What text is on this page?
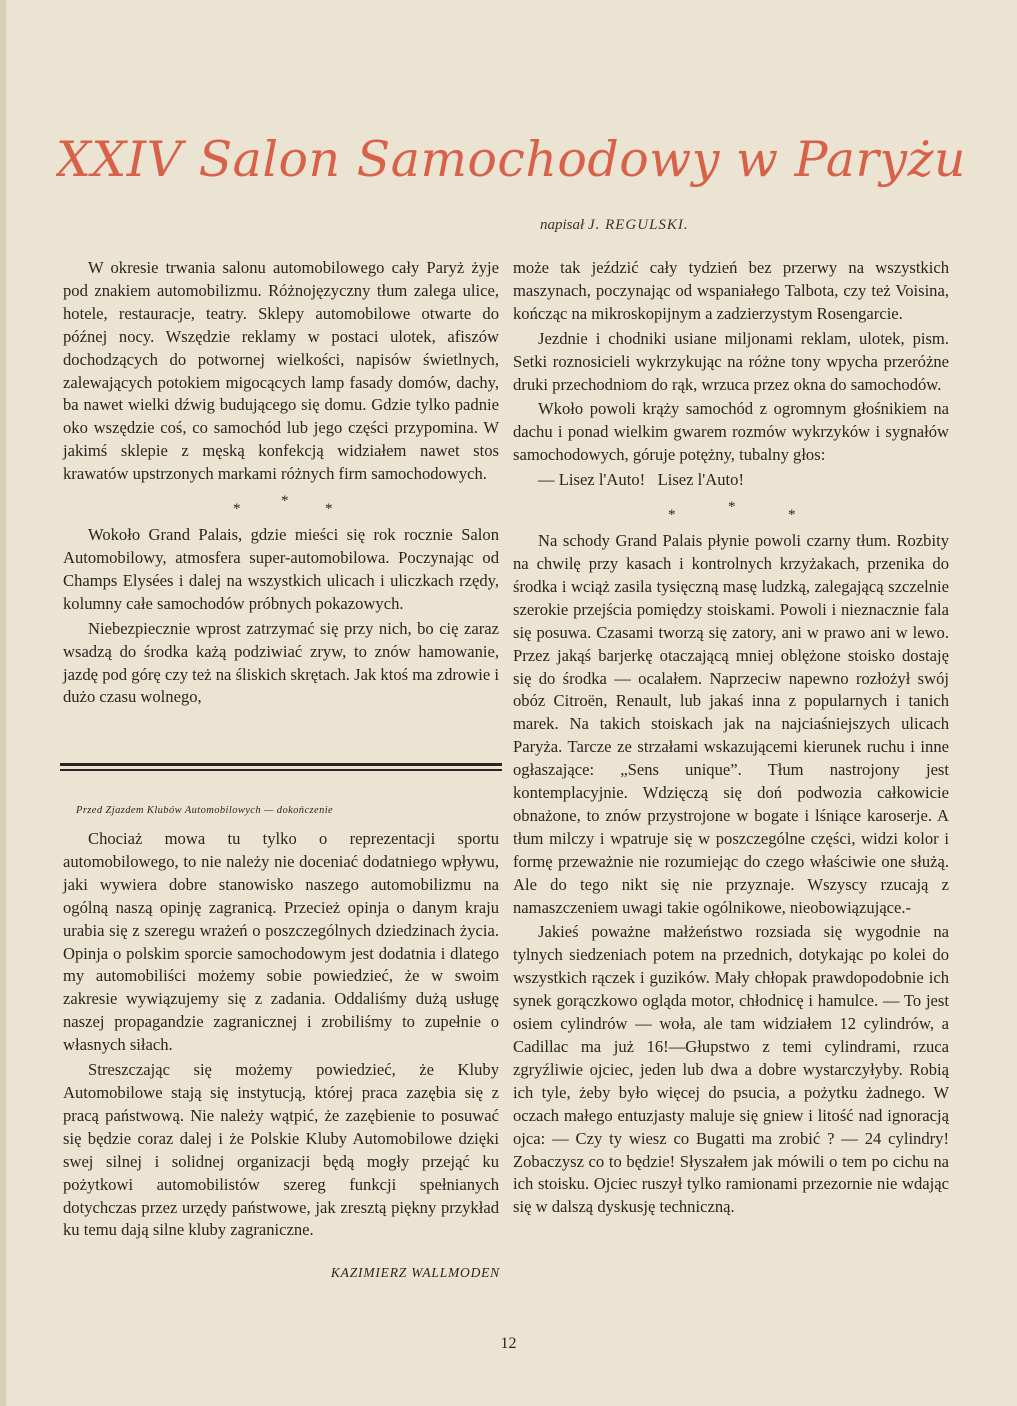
XXIV Salon Samochodowy w Paryżu
napisał J. REGULSKI.

W okresie trwania salonu automobilowego cały Paryż żyje pod znakiem automobilizmu. Różnojęzyczny tłum zalega ulice, hotele, restauracje, teatry. Sklepy automobilowe otwarte do późnej nocy. Wszędzie reklamy w postaci ulotek, afiszów dochodzących do potwornej wielkości, napisów świetlnych, zalewających potokiem migocących lamp fasady domów, dachy, ba nawet wielki dźwig budującego się domu. Gdzie tylko padnie oko wszędzie coś, co samochód lub jego części przypomina. W jakimś sklepie z męską konfekcją widziałem nawet stos krawatów upstrzonych markami różnych firm samochodowych.

*	* *

Wokoło Grand Palais, gdzie mieści się rok rocznie Salon Automobilowy, atmosfera super-automobilowa. Poczynając od Champs Elysées i dalej na wszystkich ulicach i uliczkach rzędy, kolumny całe samochodów próbnych pokazowych.

Niebezpiecznie wprost zatrzymać się przy nich, bo cię zaraz wsadzą do środka każą podziwiać zryw, to znów hamowanie, jazdę pod górę czy też na śliskich skrętach. Jak ktoś ma zdrowie i dużo czasu wolnego,

Przed Zjazdem Klubów Automobilowych — dokończenie

Chociaż mowa tu tylko o reprezentacji sportu automobilowego, to nie należy nie doceniać dodatniego wpływu, jaki wywiera dobre stanowisko naszego automobilizmu na ogólną naszą opinję zagranicą. Przecież opinja o danym kraju urabia się z szeregu wrażeń o poszczególnych dziedzinach życia. Opinja o polskim sporcie samochodowym jest dodatnia i dlatego my automobiliści możemy sobie powiedzieć, że w swoim zakresie wywiązujemy się z zadania. Oddaliśmy dużą usługę naszej propagandzie zagranicznej i zrobiliśmy to zupełnie o własnych siłach.

Streszczając się możemy powiedzieć, że Kluby Automobilowe stają się instytucją, której praca zazębia się z pracą państwową. Nie należy wątpić, że zazębienie to posuwać się będzie coraz dalej i że Polskie Kluby Automobilowe dzięki swej silnej i solidnej organizacji będą mogły przejąć ku pożytkowi automobilistów szereg funkcji spełnianych dotychczas przez urzędy państwowe, jak zresztą piękny przykład ku temu dają silne kluby zagraniczne.

KAZIMIERZ WALLMODEN

może tak jeździć cały tydzień bez przerwy na wszystkich maszynach, poczynając od wspaniałego Talbota, czy też Voisina, kończąc na mikroskopijnym a zadzierzystym Rosengarcie.

Jezdnie i chodniki usiane miljonami reklam, ulotek, pism. Setki roznosicieli wykrzykując na różne tony wpycha przeróżne druki przechodniom do rąk, wrzuca przez okna do samochodów.

Wkoło powoli krąży samochód z ogromnym głośnikiem na dachu i ponad wielkim gwarem rozmów wykrzyków i sygnałów samochodowych, góruje potężny, tubalny głos:

— Lisez l'Auto!   Lisez l'Auto!

*	*	*

Na schody Grand Palais płynie powoli czarny tłum. Rozbity na chwilę przy kasach i kontrolnych krzyżakach, przenika do środka i wciąż zasila tysięczną masę ludzką, zalegającą szczelnie szerokie przejścia pomiędzy stoiskami. Powoli i nieznacznie fala się posuwa. Czasami tworzą się zatory, ani w prawo ani w lewo. Przez jakąś barjerkę otaczającą mniej oblężone stoisko dostaję się do środka — ocalałem. Naprzeciw napewno rozłożył swój obóz Citroën, Renault, lub jakaś inna z popularnych i tanich marek. Na takich stoiskach jak na najciaśniejszych ulicach Paryża. Tarcze ze strzałami wskazującemi kierunek ruchu i inne ogłaszające: „Sens unique”. Tłum nastrojony jest kontemplacyjnie. Wdzięczą się doń podwozia całkowicie obnażone, to znów przystrojone w bogate i lśniące karoserje. A tłum milczy i wpatruje się w poszczególne części, widzi kolor i formę przeważnie nie rozumiejąc do czego właściwie one służą. Ale do tego nikt się nie przyznaje. Wszyscy rzucają z namaszczeniem uwagi takie ogólnikowe, nieobowiązujące.-

Jakieś poważne małżeństwo rozsiada się wygodnie na tylnych siedzeniach potem na przednich, dotykając po kolei do wszystkich rączek i guzików. Mały chłopak prawdopodobnie ich synek gorączkowo ogląda motor, chłodnicę i hamulce. — To jest osiem cylindrów — woła, ale tam widziałem 12 cylindrów, a Cadillac ma już 16!—Głupstwo z temi cylindrami, rzuca zgryźliwie ojciec, jeden lub dwa a dobre wystarczyłyby. Robią ich tyle, żeby było więcej do psucia, a pożytku żadnego. W oczach małego entuzjasty maluje się gniew i litość nad ignoracją ojca: — Czy ty wiesz co Bugatti ma zrobić ? — 24 cylindry! Zobaczysz co to będzie! Słyszałem jak mówili o tem po cichu na ich stoisku. Ojciec ruszył tylko ramionami przezornie nie wdając się w dalszą dyskusję techniczną.

12
